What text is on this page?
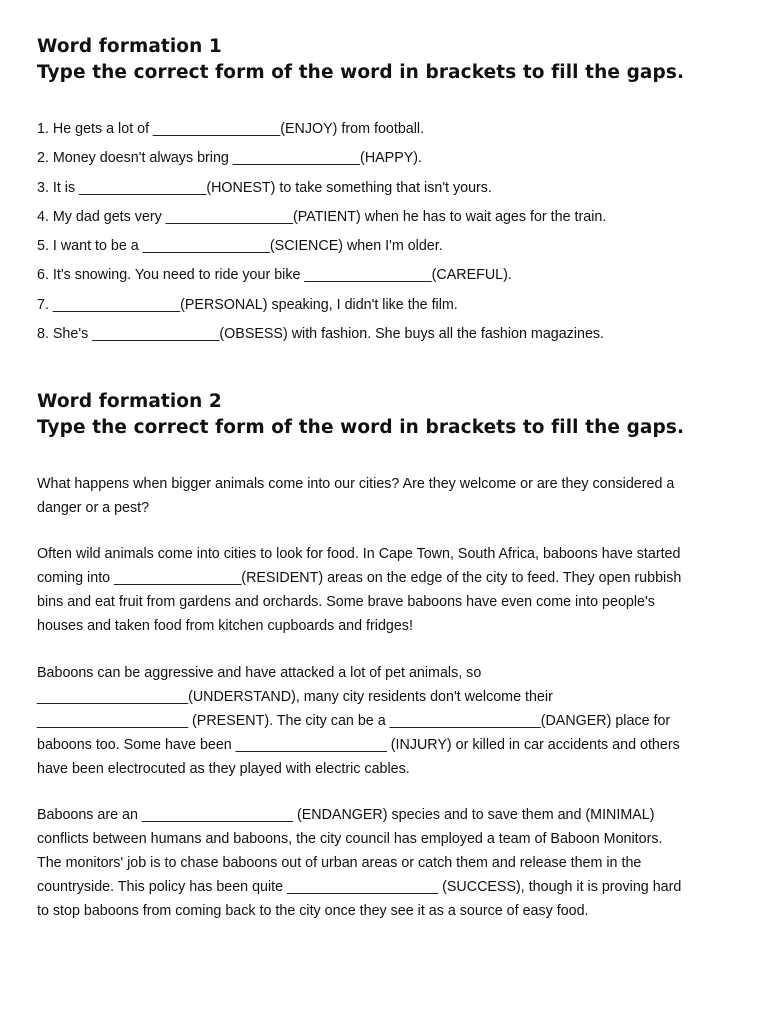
Word formation 1
Type the correct form of the word in brackets to fill the gaps.
1. He gets a lot of ________________(ENJOY) from football.
2. Money doesn't always bring ________________(HAPPY).
3. It is ________________(HONEST) to take something that isn't yours.
4. My dad gets very ________________(PATIENT) when he has to wait ages for the train.
5. I want to be a ________________(SCIENCE) when I'm older.
6. It's snowing. You need to ride your bike ________________(CAREFUL).
7. ________________(PERSONAL) speaking, I didn't like the film.
8. She's ________________(OBSESS) with fashion. She buys all the fashion magazines.
Word formation 2
Type the correct form of the word in brackets to fill the gaps.

What happens when bigger animals come into our cities? Are they welcome or are they considered a
danger or a pest?

Often wild animals come into cities to look for food. In Cape Town, South Africa, baboons have started
coming into ________________(RESIDENT) areas on the edge of the city to feed. They open rubbish
bins and eat fruit from gardens and orchards. Some brave baboons have even come into people's
houses and taken food from kitchen cupboards and fridges!

Baboons can be aggressive and have attacked a lot of pet animals, so
___________________(UNDERSTAND), many city residents don't welcome their
___________________ (PRESENT). The city can be a ___________________(DANGER) place for
baboons too. Some have been ___________________ (INJURY) or killed in car accidents and others
have been electrocuted as they played with electric cables.

Baboons are an ___________________ (ENDANGER) species and to save them and (MINIMAL)
conflicts between humans and baboons, the city council has employed a team of Baboon Monitors.
The monitors' job is to chase baboons out of urban areas or catch them and release them in the
countryside. This policy has been quite ___________________ (SUCCESS), though it is proving hard
to stop baboons from coming back to the city once they see it as a source of easy food.
